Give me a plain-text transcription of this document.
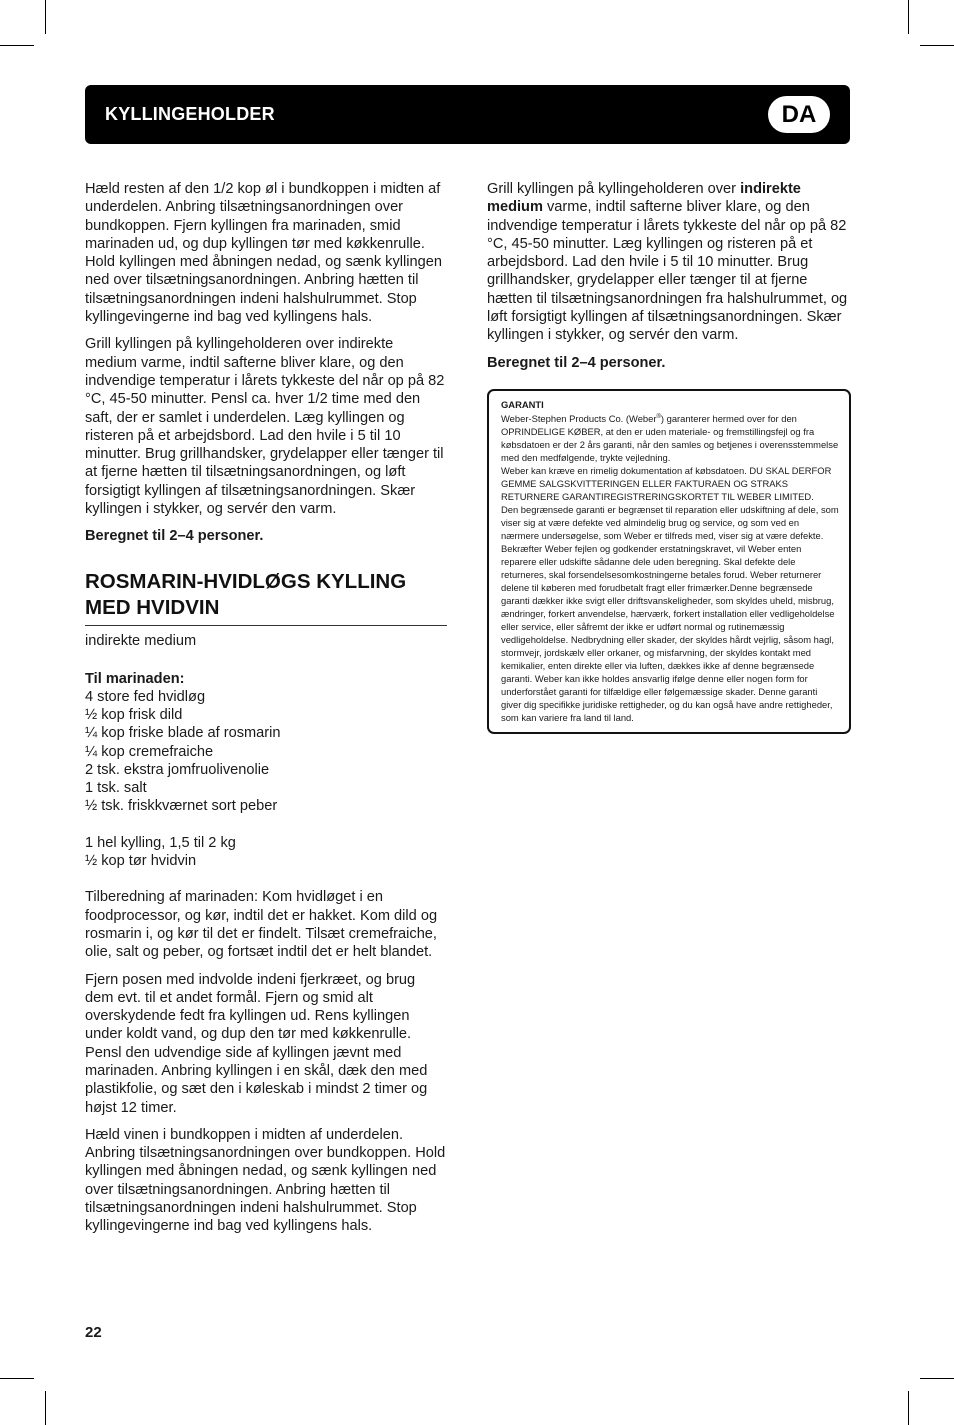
KYLLINGEHOLDER	DA

Hæld resten af den 1/2 kop øl i bundkoppen i midten af underdelen. Anbring tilsætningsanordningen over bundkoppen. Fjern kyllingen fra marinaden, smid marinaden ud, og dup kyllingen tør med køkkenrulle. Hold kyllingen med åbningen nedad, og sænk kyllingen ned over tilsætningsanordningen. Anbring hætten til tilsætningsanordningen indeni halshulrummet. Stop kyllingevingerne ind bag ved kyllingens hals.

Grill kyllingen på kyllingeholderen over indirekte medium varme, indtil safterne bliver klare, og den indvendige temperatur i lårets tykkeste del når op på 82 °C, 45-50 minutter. Pensl ca. hver 1/2 time med den saft, der er samlet i underdelen. Læg kyllingen og risteren på et arbejdsbord. Lad den hvile i 5 til 10 minutter. Brug grillhandsker, grydelapper eller tænger til at fjerne hætten til tilsætningsanordningen, og løft forsigtigt kyllingen af tilsætningsanordningen. Skær kyllingen i stykker, og servér den varm.

Beregnet til 2–4 personer.

ROSMARIN-HVIDLØGS KYLLING MED HVIDVIN
indirekte medium
Til marinaden:
4 store fed hvidløg
½ kop frisk dild
¼ kop friske blade af rosmarin
¼ kop cremefraiche
2 tsk. ekstra jomfruolivenolie
1 tsk. salt
½ tsk. friskkværnet sort peber
1 hel kylling, 1,5 til 2 kg
½ kop tør hvidvin

Tilberedning af marinaden: Kom hvidløget i en foodprocessor, og kør, indtil det er hakket. Kom dild og rosmarin i, og kør til det er findelt. Tilsæt cremefraiche, olie, salt og peber, og fortsæt indtil det er helt blandet.

Fjern posen med indvolde indeni fjerkræet, og brug dem evt. til et andet formål. Fjern og smid alt overskydende fedt fra kyllingen ud. Rens kyllingen under koldt vand, og dup den tør med køkkenrulle. Pensl den udvendige side af kyllingen jævnt med marinaden. Anbring kyllingen i en skål, dæk den med plastikfolie, og sæt den i køleskab i mindst 2 timer og højst 12 timer.

Hæld vinen i bundkoppen i midten af underdelen. Anbring tilsætningsanordningen over bundkoppen. Hold kyllingen med åbningen nedad, og sænk kyllingen ned over tilsætningsanordningen. Anbring hætten til tilsætningsanordningen indeni halshulrummet. Stop kyllingevingerne ind bag ved kyllingens hals.

Grill kyllingen på kyllingeholderen over indirekte medium varme, indtil safterne bliver klare, og den indvendige temperatur i lårets tykkeste del når op på 82 °C, 45-50 minutter. Læg kyllingen og risteren på et arbejdsbord. Lad den hvile i 5 til 10 minutter. Brug grillhandsker, grydelapper eller tænger til at fjerne hætten til tilsætningsanordningen fra halshulrummet, og løft forsigtigt kyllingen af tilsætningsanordningen. Skær kyllingen i stykker, og servér den varm.

Beregnet til 2–4 personer.

GARANTI

Weber-Stephen Products Co. (Weber®) garanterer hermed over for den OPRINDELIGE KØBER, at den er uden materiale- og fremstillingsfejl og fra købsdatoen er der 2 års garanti, når den samles og betjenes i overensstemmelse med den medfølgende, trykte vejledning.

Weber kan kræve en rimelig dokumentation af købsdatoen. DU SKAL DERFOR GEMME SALGSKVITTERINGEN ELLER FAKTURAEN OG STRAKS RETURNERE GARANTIREGISTRERINGSKORTET TIL WEBER LIMITED.

Den begrænsede garanti er begrænset til reparation eller udskiftning af dele, som viser sig at være defekte ved almindelig brug og service, og som ved en nærmere undersøgelse, som Weber er tilfreds med, viser sig at være defekte. Bekræfter Weber fejlen og godkender erstatningskravet, vil Weber enten reparere eller udskifte sådanne dele uden beregning. Skal defekte dele returneres, skal forsendelsesomkostningerne betales forud. Weber returnerer delene til køberen med forudbetalt fragt eller frimærker.Denne begrænsede garanti dækker ikke svigt eller driftsvanskeligheder, som skyldes uheld, misbrug, ændringer, forkert anvendelse, hærværk, forkert installation eller vedligeholdelse eller service, eller såfremt der ikke er udført normal og rutinemæssig vedligeholdelse. Nedbrydning eller skader, der skyldes hårdt vejrlig, såsom hagl, stormvejr, jordskælv eller orkaner, og misfarvning, der skyldes kontakt med kemikalier, enten direkte eller via luften, dækkes ikke af denne begrænsede garanti. Weber kan ikke holdes ansvarlig ifølge denne eller nogen form for underforstået garanti for tilfældige eller følgemæssige skader. Denne garanti giver dig specifikke juridiske rettigheder, og du kan også have andre rettigheder, som kan variere fra land til land.

22
